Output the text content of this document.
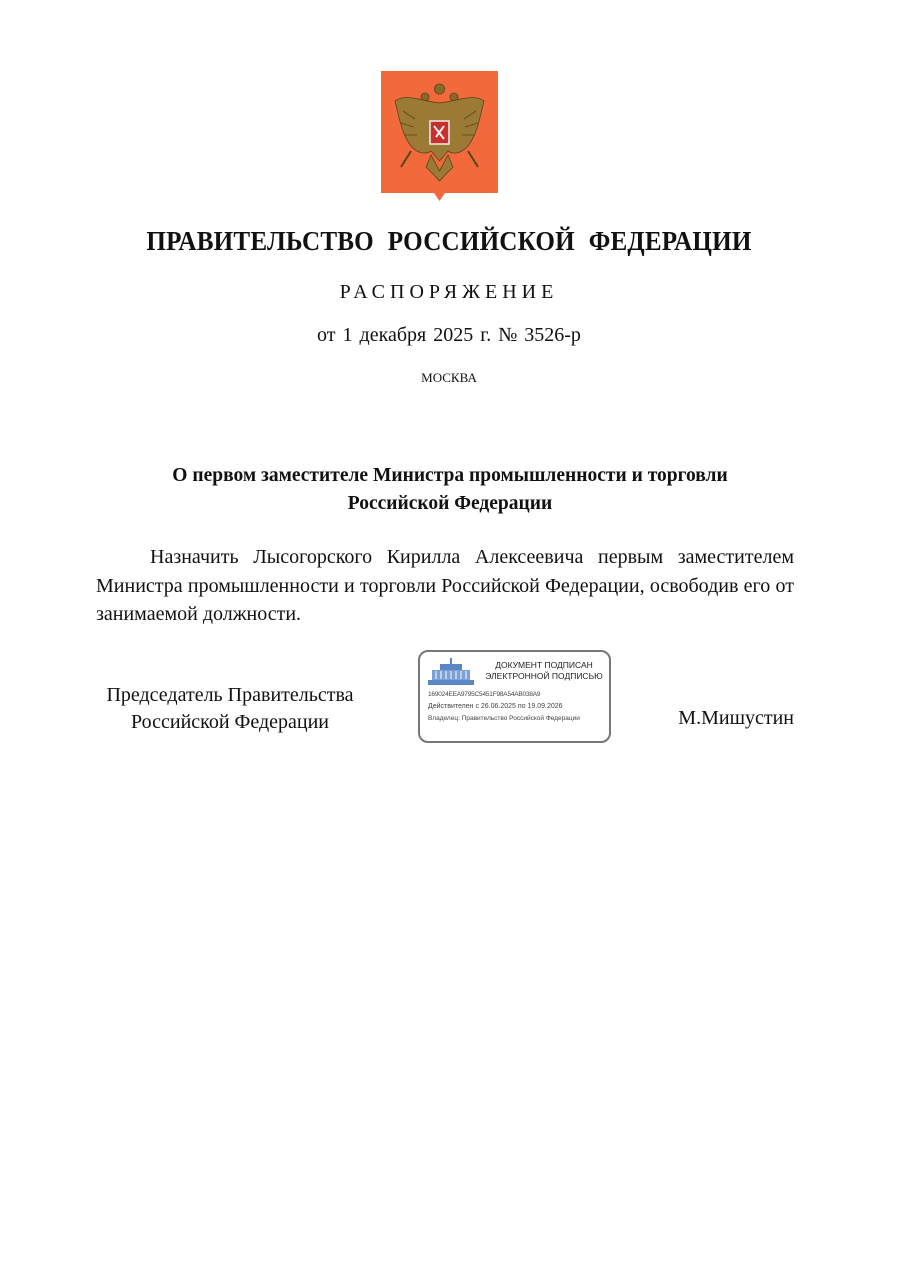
ПРАВИТЕЛЬСТВО РОССИЙСКОЙ ФЕДЕРАЦИИ
РАСПОРЯЖЕНИЕ
от 1 декабря 2025 г. № 3526-р
МОСКВА
О первом заместителе Министра промышленности и торговли
Российской Федерации
Назначить Лысогорского Кирилла Алексеевича первым заместителем Министра промышленности и торговли Российской Федерации, освободив его от занимаемой должности.
Председатель Правительства
Российской Федерации
ДОКУМЕНТ ПОДПИСАН
ЭЛЕКТРОННОЙ ПОДПИСЬЮ
169024EEA9795C5451F98A54AB038A9
Действителен с 26.06.2025 по 19.09.2026
Владелец: Правительство Российской Федерации	М.Мишустин
